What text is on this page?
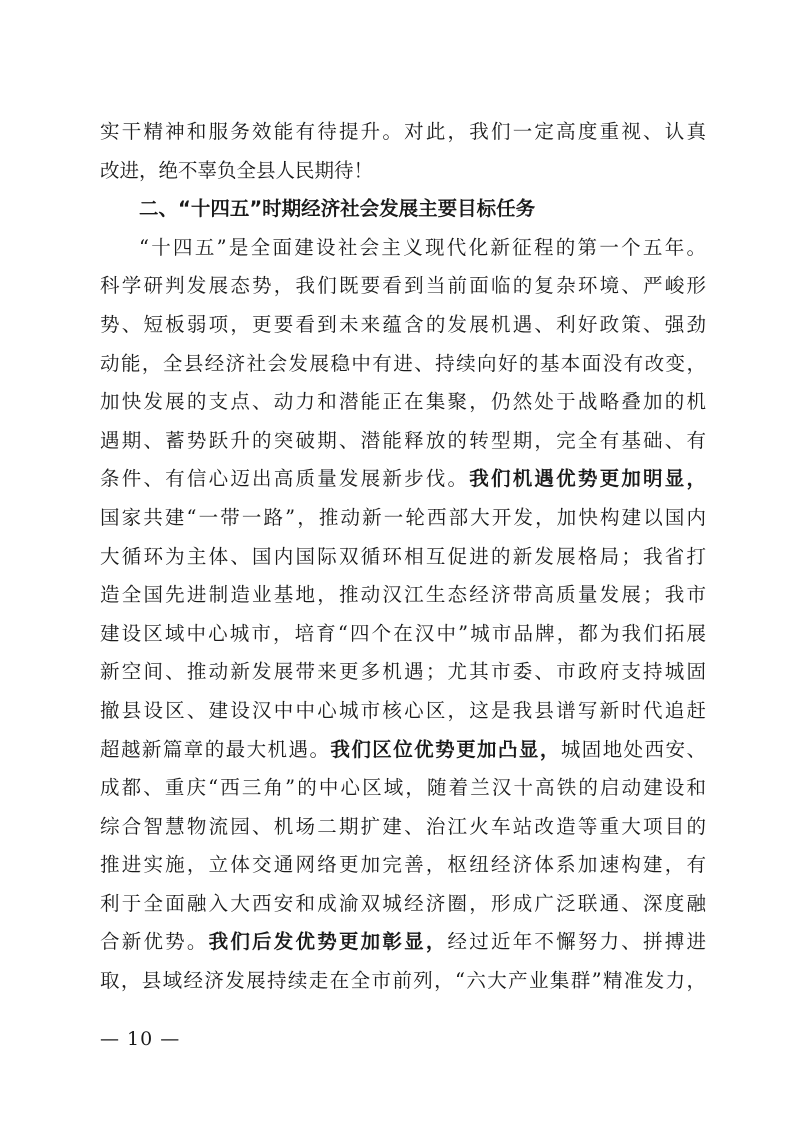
实干精神和服务效能有待提升。对此，我们一定高度重视、认真
改进，绝不辜负全县人民期待！
二、“十四五”时期经济社会发展主要目标任务
“十四五”是全面建设社会主义现代化新征程的第一个五年。
科学研判发展态势，我们既要看到当前面临的复杂环境、严峻形
势、短板弱项，更要看到未来蕴含的发展机遇、利好政策、强劲
动能，全县经济社会发展稳中有进、持续向好的基本面没有改变，
加快发展的支点、动力和潜能正在集聚，仍然处于战略叠加的机
遇期、蓄势跃升的突破期、潜能释放的转型期，完全有基础、有
条件、有信心迈出高质量发展新步伐。我们机遇优势更加明显，
国家共建“一带一路”，推动新一轮西部大开发，加快构建以国内
大循环为主体、国内国际双循环相互促进的新发展格局；我省打
造全国先进制造业基地，推动汉江生态经济带高质量发展；我市
建设区域中心城市，培育“四个在汉中”城市品牌，都为我们拓展
新空间、推动新发展带来更多机遇；尤其市委、市政府支持城固
撤县设区、建设汉中中心城市核心区，这是我县谱写新时代追赶
超越新篇章的最大机遇。我们区位优势更加凸显，城固地处西安、
成都、重庆“西三角”的中心区域，随着兰汉十高铁的启动建设和
综合智慧物流园、机场二期扩建、治江火车站改造等重大项目的
推进实施，立体交通网络更加完善，枢纽经济体系加速构建，有
利于全面融入大西安和成渝双城经济圈，形成广泛联通、深度融
合新优势。我们后发优势更加彰显，经过近年不懈努力、拼搏进
取，县域经济发展持续走在全市前列，“六大产业集群”精准发力，
— 10 —
